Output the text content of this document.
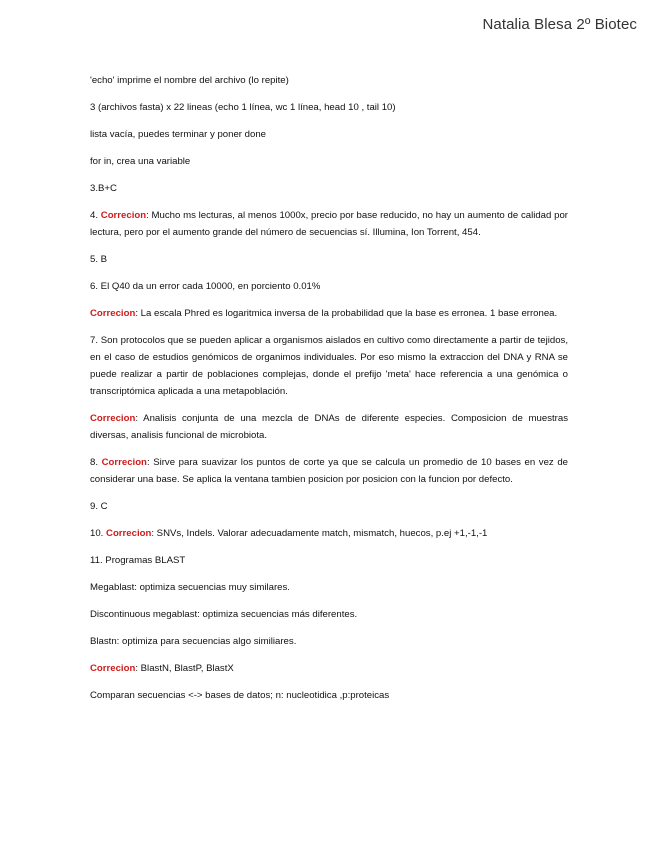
Natalia Blesa 2º Biotec

'echo' imprime el nombre del archivo (lo repite)

3 (archivos fasta) x 22 lineas (echo 1 línea, wc 1 línea, head 10 , tail 10)

lista vacía, puedes terminar y poner done

for in, crea una variable

3.B+C

4. Correcion: Mucho ms lecturas, al menos 1000x, precio por base reducido, no hay un aumento de calidad por lectura, pero por el aumento grande del número de secuencias sí. Illumina, Ion Torrent, 454.

5. B

6. El Q40 da un error cada 10000, en porciento 0.01%

Correcion: La escala Phred es logaritmica inversa de la probabilidad que la base es erronea. 1 base erronea.

7. Son protocolos que se pueden aplicar a organismos aislados en cultivo como directamente a partir de tejidos, en el caso de estudios genómicos de organimos individuales. Por eso mismo la extraccion del DNA y RNA se puede realizar a partir de poblaciones complejas, donde el prefijo 'meta' hace referencia a una genómica o transcriptómica aplicada a una metapoblación.

Correcion: Analisis conjunta de una mezcla de DNAs de diferente especies. Composicion de muestras diversas, analisis funcional de microbiota.

8. Correcion: Sirve para suavizar los puntos de corte ya que se calcula un promedio de 10 bases en vez de considerar una base. Se aplica la ventana tambien posicion por posicion con la funcion por defecto.

9. C

10. Correcion: SNVs, Indels. Valorar adecuadamente match, mismatch, huecos, p.ej +1,-1,-1

11. Programas BLAST

Megablast: optimiza secuencias muy similares.

Discontinuous megablast: optimiza secuencias más diferentes.

Blastn: optimiza para secuencias algo similiares.

Correcion: BlastN, BlastP, BlastX

Comparan secuencias <-> bases de datos; n: nucleotidica ,p:proteicas
